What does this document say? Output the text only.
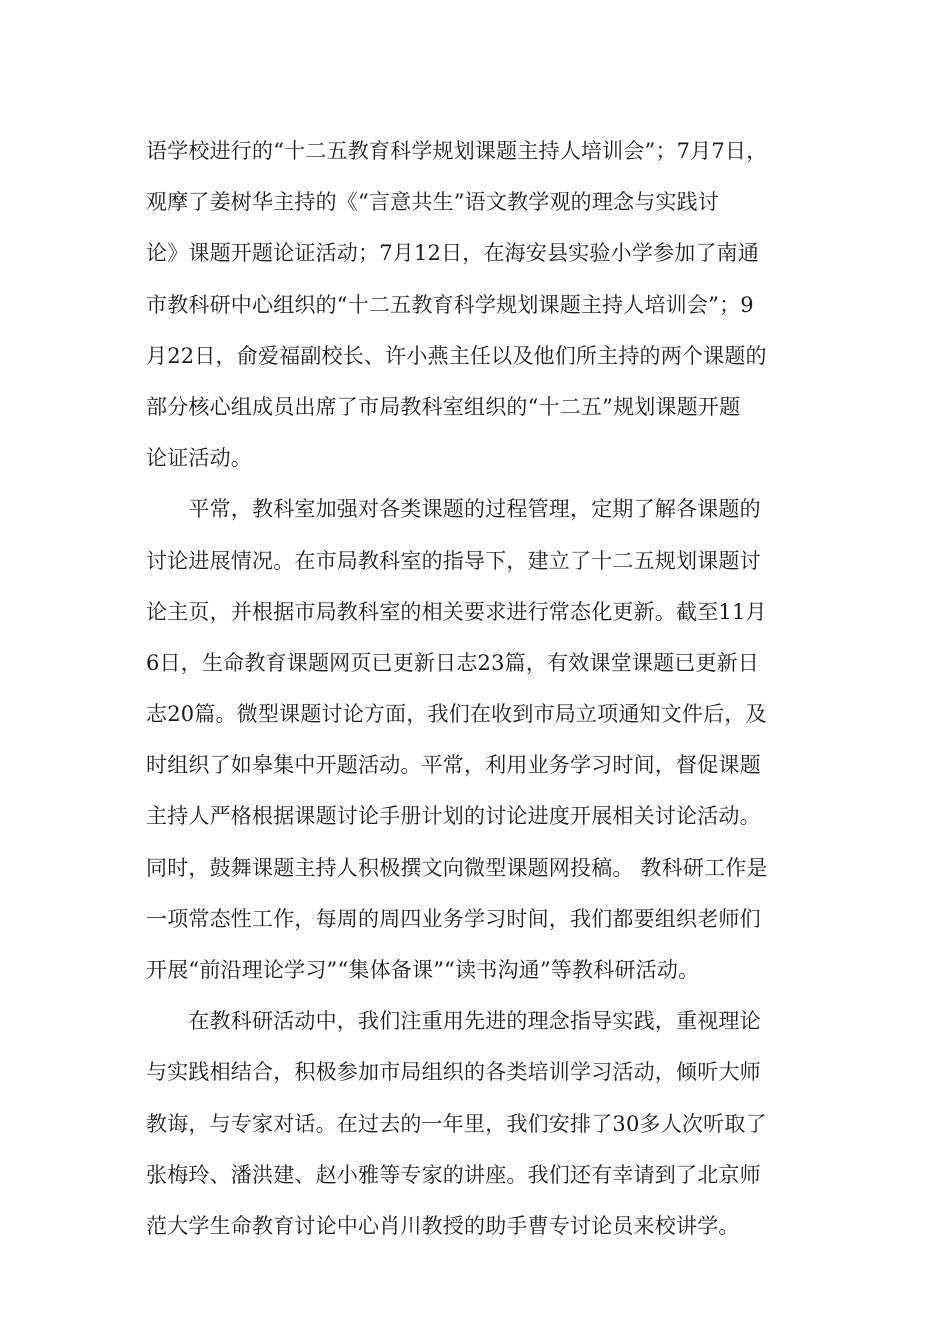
语学校进行的“十二五教育科学规划课题主持人培训会”；7月7日，
观摩了姜树华主持的《“言意共生”语文教学观的理念与实践讨
论》课题开题论证活动；7月12日，在海安县实验小学参加了南通
市教科研中心组织的“十二五教育科学规划课题主持人培训会”；9
月22日，俞爱福副校长、许小燕主任以及他们所主持的两个课题的
部分核心组成员出席了市局教科室组织的“十二五”规划课题开题
论证活动。
　　平常，教科室加强对各类课题的过程管理，定期了解各课题的
讨论进展情况。在市局教科室的指导下，建立了十二五规划课题讨
论主页，并根据市局教科室的相关要求进行常态化更新。截至11月
6日，生命教育课题网页已更新日志23篇，有效课堂课题已更新日
志20篇。微型课题讨论方面，我们在收到市局立项通知文件后，及
时组织了如皋集中开题活动。平常，利用业务学习时间，督促课题
主持人严格根据课题讨论手册计划的讨论进度开展相关讨论活动。
同时，鼓舞课题主持人积极撰文向微型课题网投稿。 教科研工作是
一项常态性工作，每周的周四业务学习时间，我们都要组织老师们
开展“前沿理论学习”“集体备课”“读书沟通”等教科研活动。
　　在教科研活动中，我们注重用先进的理念指导实践，重视理论
与实践相结合，积极参加市局组织的各类培训学习活动，倾听大师
教诲，与专家对话。在过去的一年里，我们安排了30多人次听取了
张梅玲、潘洪建、赵小雅等专家的讲座。我们还有幸请到了北京师
范大学生命教育讨论中心肖川教授的助手曹专讨论员来校讲学。
